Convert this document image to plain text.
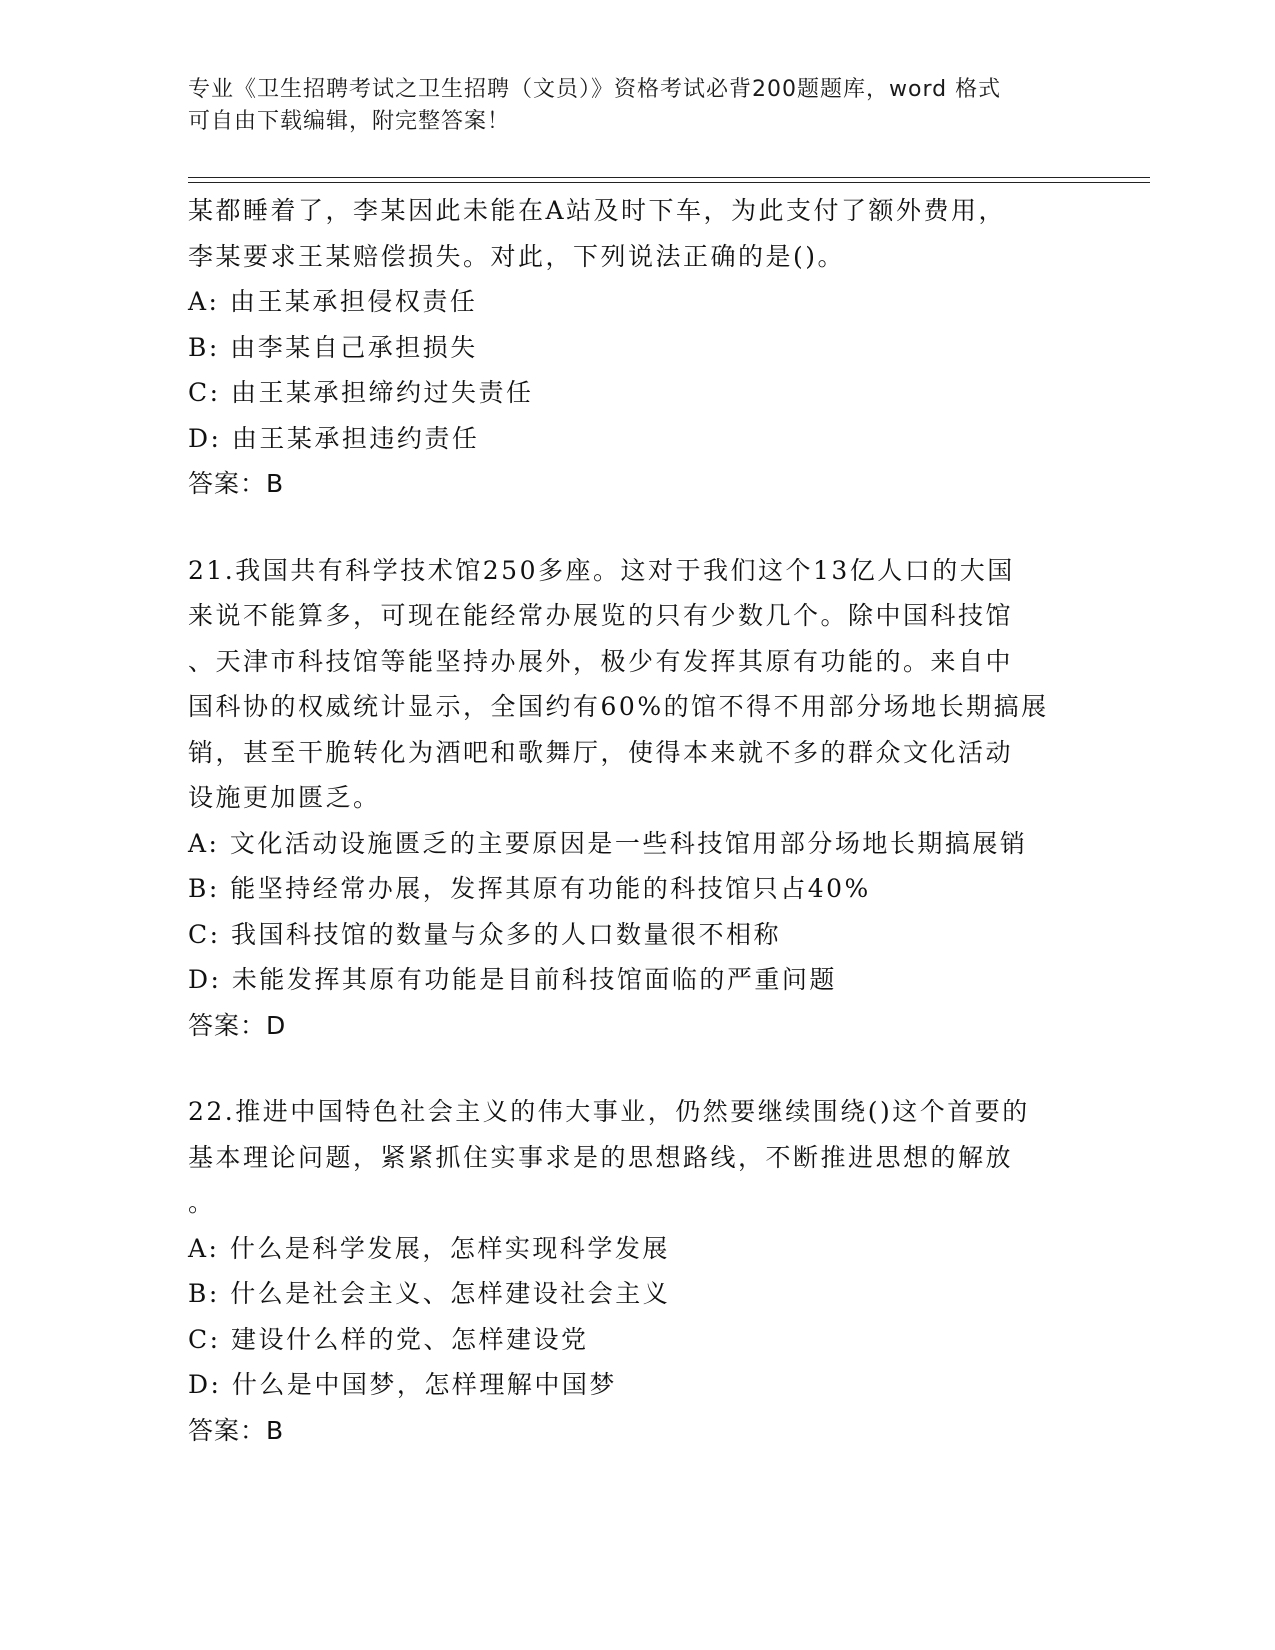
专业《卫生招聘考试之卫生招聘（文员）》资格考试必背200题题库，word 格式
可自由下载编辑，附完整答案！
某都睡着了，李某因此未能在A站及时下车，为此支付了额外费用，
李某要求王某赔偿损失。对此，下列说法正确的是()。
A: 由王某承担侵权责任
B: 由李某自己承担损失
C: 由王某承担缔约过失责任
D: 由王某承担违约责任
答案：B
21.我国共有科学技术馆250多座。这对于我们这个13亿人口的大国
来说不能算多，可现在能经常办展览的只有少数几个。除中国科技馆
、天津市科技馆等能坚持办展外，极少有发挥其原有功能的。来自中
国科协的权威统计显示，全国约有60%的馆不得不用部分场地长期搞展
销，甚至干脆转化为酒吧和歌舞厅，使得本来就不多的群众文化活动
设施更加匮乏。
A: 文化活动设施匮乏的主要原因是一些科技馆用部分场地长期搞展销
B: 能坚持经常办展，发挥其原有功能的科技馆只占40%
C: 我国科技馆的数量与众多的人口数量很不相称
D: 未能发挥其原有功能是目前科技馆面临的严重问题
答案：D
22.推进中国特色社会主义的伟大事业，仍然要继续围绕()这个首要的
基本理论问题，紧紧抓住实事求是的思想路线，不断推进思想的解放
。
A: 什么是科学发展，怎样实现科学发展
B: 什么是社会主义、怎样建设社会主义
C: 建设什么样的党、怎样建设党
D: 什么是中国梦，怎样理解中国梦
答案：B
